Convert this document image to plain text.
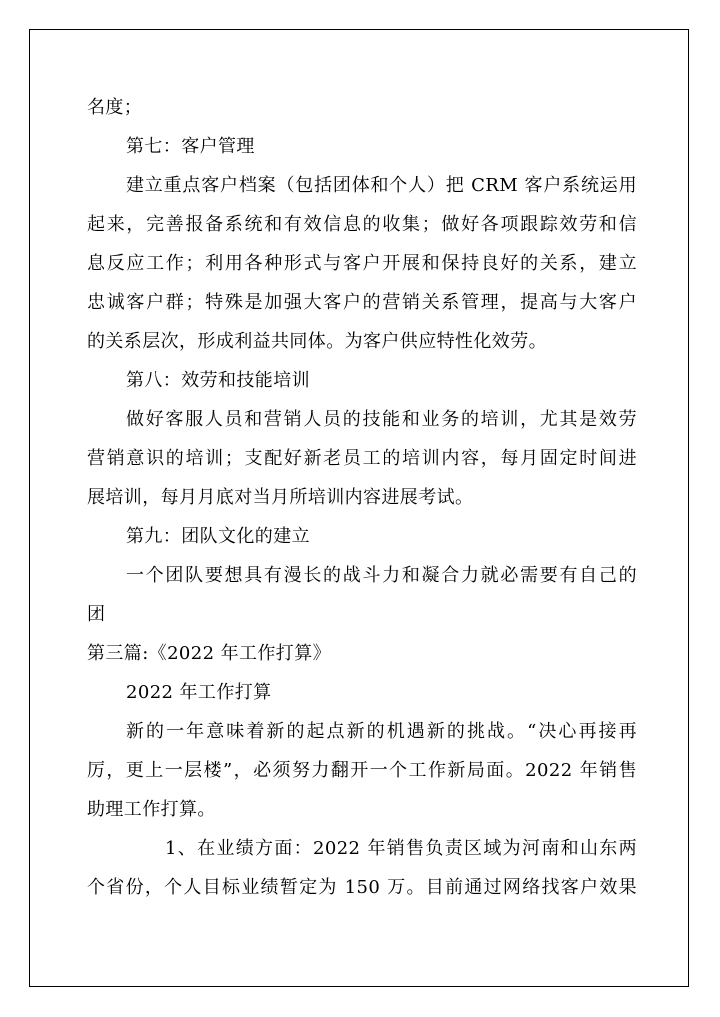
名度；
第七：客户管理
建立重点客户档案（包括团体和个人）把 CRM 客户系统运用
起来，完善报备系统和有效信息的收集；做好各项跟踪效劳和信
息反应工作；利用各种形式与客户开展和保持良好的关系，建立
忠诚客户群；特殊是加强大客户的营销关系管理，提高与大客户
的关系层次，形成利益共同体。为客户供应特性化效劳。
第八：效劳和技能培训
做好客服人员和营销人员的技能和业务的培训，尤其是效劳
营销意识的培训；支配好新老员工的培训内容，每月固定时间进
展培训，每月月底对当月所培训内容进展考试。
第九：团队文化的建立
一个团队要想具有漫长的战斗力和凝合力就必需要有自己的
团
第三篇:《2022 年工作打算》
2022 年工作打算
新的一年意味着新的起点新的机遇新的挑战。“决心再接再
厉，更上一层楼”，必须努力翻开一个工作新局面。2022 年销售
助理工作打算。
1、在业绩方面：2022 年销售负责区域为河南和山东两
个省份，个人目标业绩暂定为 150 万。目前通过网络找客户效果
